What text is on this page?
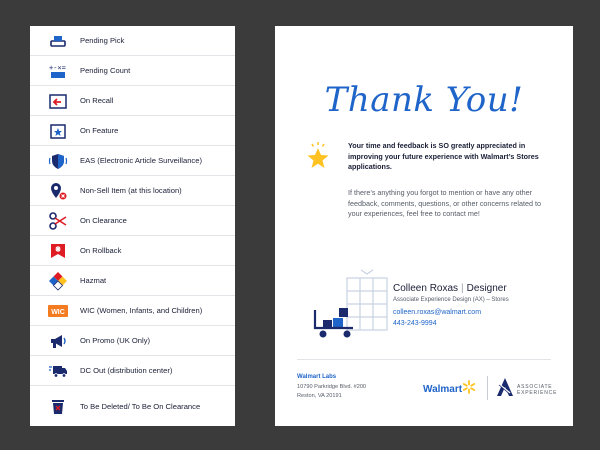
Pending Pick
+-×= Pending Count
On Recall
On Feature
EAS (Electronic Article Surveillance)
Non-Sell Item (at this location)
On Clearance
On Rollback
Hazmat
WIC WIC (Women, Infants, and Children)
On Promo (UK Only)
DC Out (distribution center)
To Be Deleted/ To Be On Clearance
Thank You!
Your time and feedback is SO greatly appreciated in improving your future experience with Walmart’s Stores applications.
If there’s anything you forgot to mention or have any other feedback, comments, questions, or other concerns related to your experiences, feel free to contact me!
Colleen Roxas | Designer
Associate Experience Design (AX) – Stores
colleen.roxas@walmart.com
443-243-9994
Walmart Labs
10790 Parkridge Blvd. #200
Reston, VA 20191
Walmart	ASSOCIATE
EXPERIENCE
